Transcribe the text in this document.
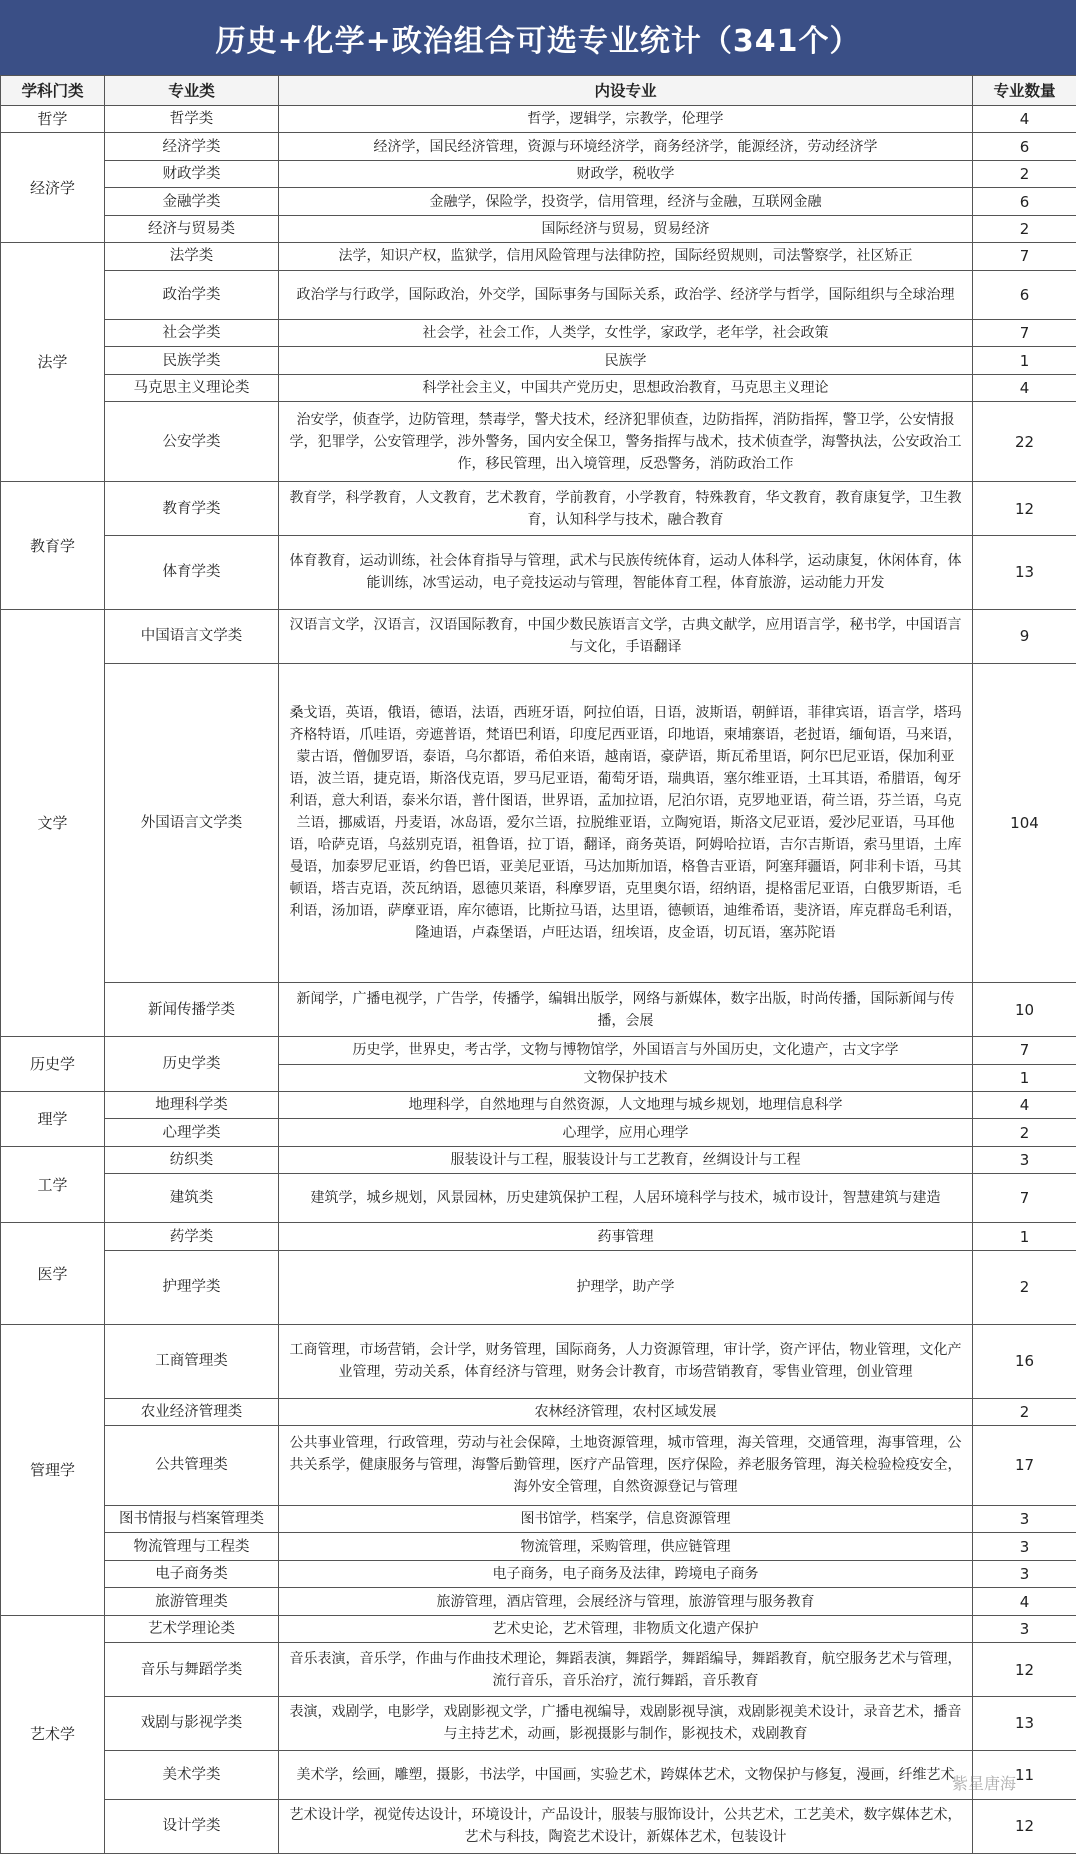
历史+化学+政治组合可选专业统计（341个）
学科门类	专业类	内设专业	专业数量
哲学	哲学类	哲学，逻辑学，宗教学，伦理学	4
经济学	经济学类	经济学，国民经济管理，资源与环境经济学，商务经济学，能源经济，劳动经济学	6
	财政学类	财政学，税收学	2
	金融学类	金融学，保险学，投资学，信用管理，经济与金融，互联网金融	6
	经济与贸易类	国际经济与贸易，贸易经济	2
法学	法学类	法学，知识产权，监狱学，信用风险管理与法律防控，国际经贸规则，司法警察学，社区矫正	7
	政治学类	政治学与行政学，国际政治，外交学，国际事务与国际关系，政治学、经济学与哲学，国际组织与全球治理	6
	社会学类	社会学，社会工作，人类学，女性学，家政学，老年学，社会政策	7
	民族学类	民族学	1
	马克思主义理论类	科学社会主义，中国共产党历史，思想政治教育，马克思主义理论	4
	公安学类	治安学，侦查学，边防管理，禁毒学，警犬技术，经济犯罪侦查，边防指挥，消防指挥，警卫学，公安情报学，犯罪学，公安管理学，涉外警务，国内安全保卫，警务指挥与战术，技术侦查学，海警执法，公安政治工作，移民管理，出入境管理，反恐警务，消防政治工作	22
教育学	教育学类	教育学，科学教育，人文教育，艺术教育，学前教育，小学教育，特殊教育，华文教育，教育康复学，卫生教育，认知科学与技术，融合教育	12
	体育学类	体育教育，运动训练，社会体育指导与管理，武术与民族传统体育，运动人体科学，运动康复，休闲体育，体能训练，冰雪运动，电子竞技运动与管理，智能体育工程，体育旅游，运动能力开发	13
文学	中国语言文学类	汉语言文学，汉语言，汉语国际教育，中国少数民族语言文学，古典文献学，应用语言学，秘书学，中国语言与文化，手语翻译	9
	外国语言文学类	桑戈语，英语，俄语，德语，法语，西班牙语，阿拉伯语，日语，波斯语，朝鲜语，菲律宾语，语言学，塔玛齐格特语，爪哇语，旁遮普语，梵语巴利语，印度尼西亚语，印地语，柬埔寨语，老挝语，缅甸语，马来语，蒙古语，僧伽罗语，泰语，乌尔都语，希伯来语，越南语，豪萨语，斯瓦希里语，阿尔巴尼亚语，保加利亚语，波兰语，捷克语，斯洛伐克语，罗马尼亚语，葡萄牙语，瑞典语，塞尔维亚语，土耳其语，希腊语，匈牙利语，意大利语，泰米尔语，普什图语，世界语，孟加拉语，尼泊尔语，克罗地亚语，荷兰语，芬兰语，乌克兰语，挪威语，丹麦语，冰岛语，爱尔兰语，拉脱维亚语，立陶宛语，斯洛文尼亚语，爱沙尼亚语，马耳他语，哈萨克语，乌兹别克语，祖鲁语，拉丁语，翻译，商务英语，阿姆哈拉语，吉尔吉斯语，索马里语，土库曼语，加泰罗尼亚语，约鲁巴语，亚美尼亚语，马达加斯加语，格鲁吉亚语，阿塞拜疆语，阿非利卡语，马其顿语，塔吉克语，茨瓦纳语，恩德贝莱语，科摩罗语，克里奥尔语，绍纳语，提格雷尼亚语，白俄罗斯语，毛利语，汤加语，萨摩亚语，库尔德语，比斯拉马语，达里语，德顿语，迪维希语，斐济语，库克群岛毛利语，隆迪语，卢森堡语，卢旺达语，纽埃语，皮金语，切瓦语，塞苏陀语	104
	新闻传播学类	新闻学，广播电视学，广告学，传播学，编辑出版学，网络与新媒体，数字出版，时尚传播，国际新闻与传播，会展	10
历史学	历史学类	历史学，世界史，考古学，文物与博物馆学，外国语言与外国历史，文化遗产，古文字学	7
		文物保护技术	1
理学	地理科学类	地理科学，自然地理与自然资源，人文地理与城乡规划，地理信息科学	4
	心理学类	心理学，应用心理学	2
工学	纺织类	服装设计与工程，服装设计与工艺教育，丝绸设计与工程	3
	建筑类	建筑学，城乡规划，风景园林，历史建筑保护工程，人居环境科学与技术，城市设计，智慧建筑与建造	7
医学	药学类	药事管理	1
	护理学类	护理学，助产学	2
管理学	工商管理类	工商管理，市场营销，会计学，财务管理，国际商务，人力资源管理，审计学，资产评估，物业管理，文化产业管理，劳动关系，体育经济与管理，财务会计教育，市场营销教育，零售业管理，创业管理	16
	农业经济管理类	农林经济管理，农村区域发展	2
	公共管理类	公共事业管理，行政管理，劳动与社会保障，土地资源管理，城市管理，海关管理，交通管理，海事管理，公共关系学，健康服务与管理，海警后勤管理，医疗产品管理，医疗保险，养老服务管理，海关检验检疫安全，海外安全管理，自然资源登记与管理	17
	图书情报与档案管理类	图书馆学，档案学，信息资源管理	3
	物流管理与工程类	物流管理，采购管理，供应链管理	3
	电子商务类	电子商务，电子商务及法律，跨境电子商务	3
	旅游管理类	旅游管理，酒店管理，会展经济与管理，旅游管理与服务教育	4
艺术学	艺术学理论类	艺术史论，艺术管理，非物质文化遗产保护	3
	音乐与舞蹈学类	音乐表演，音乐学，作曲与作曲技术理论，舞蹈表演，舞蹈学，舞蹈编导，舞蹈教育，航空服务艺术与管理，流行音乐，音乐治疗，流行舞蹈，音乐教育	12
	戏剧与影视学类	表演，戏剧学，电影学，戏剧影视文学，广播电视编导，戏剧影视导演，戏剧影视美术设计，录音艺术，播音与主持艺术，动画，影视摄影与制作，影视技术，戏剧教育	13
	美术学类	美术学，绘画，雕塑，摄影，书法学，中国画，实验艺术，跨媒体艺术，文物保护与修复，漫画，纤维艺术	11
	设计学类	艺术设计学，视觉传达设计，环境设计，产品设计，服装与服饰设计，公共艺术，工艺美术，数字媒体艺术，艺术与科技，陶瓷艺术设计，新媒体艺术，包装设计	12
紫星唐海
